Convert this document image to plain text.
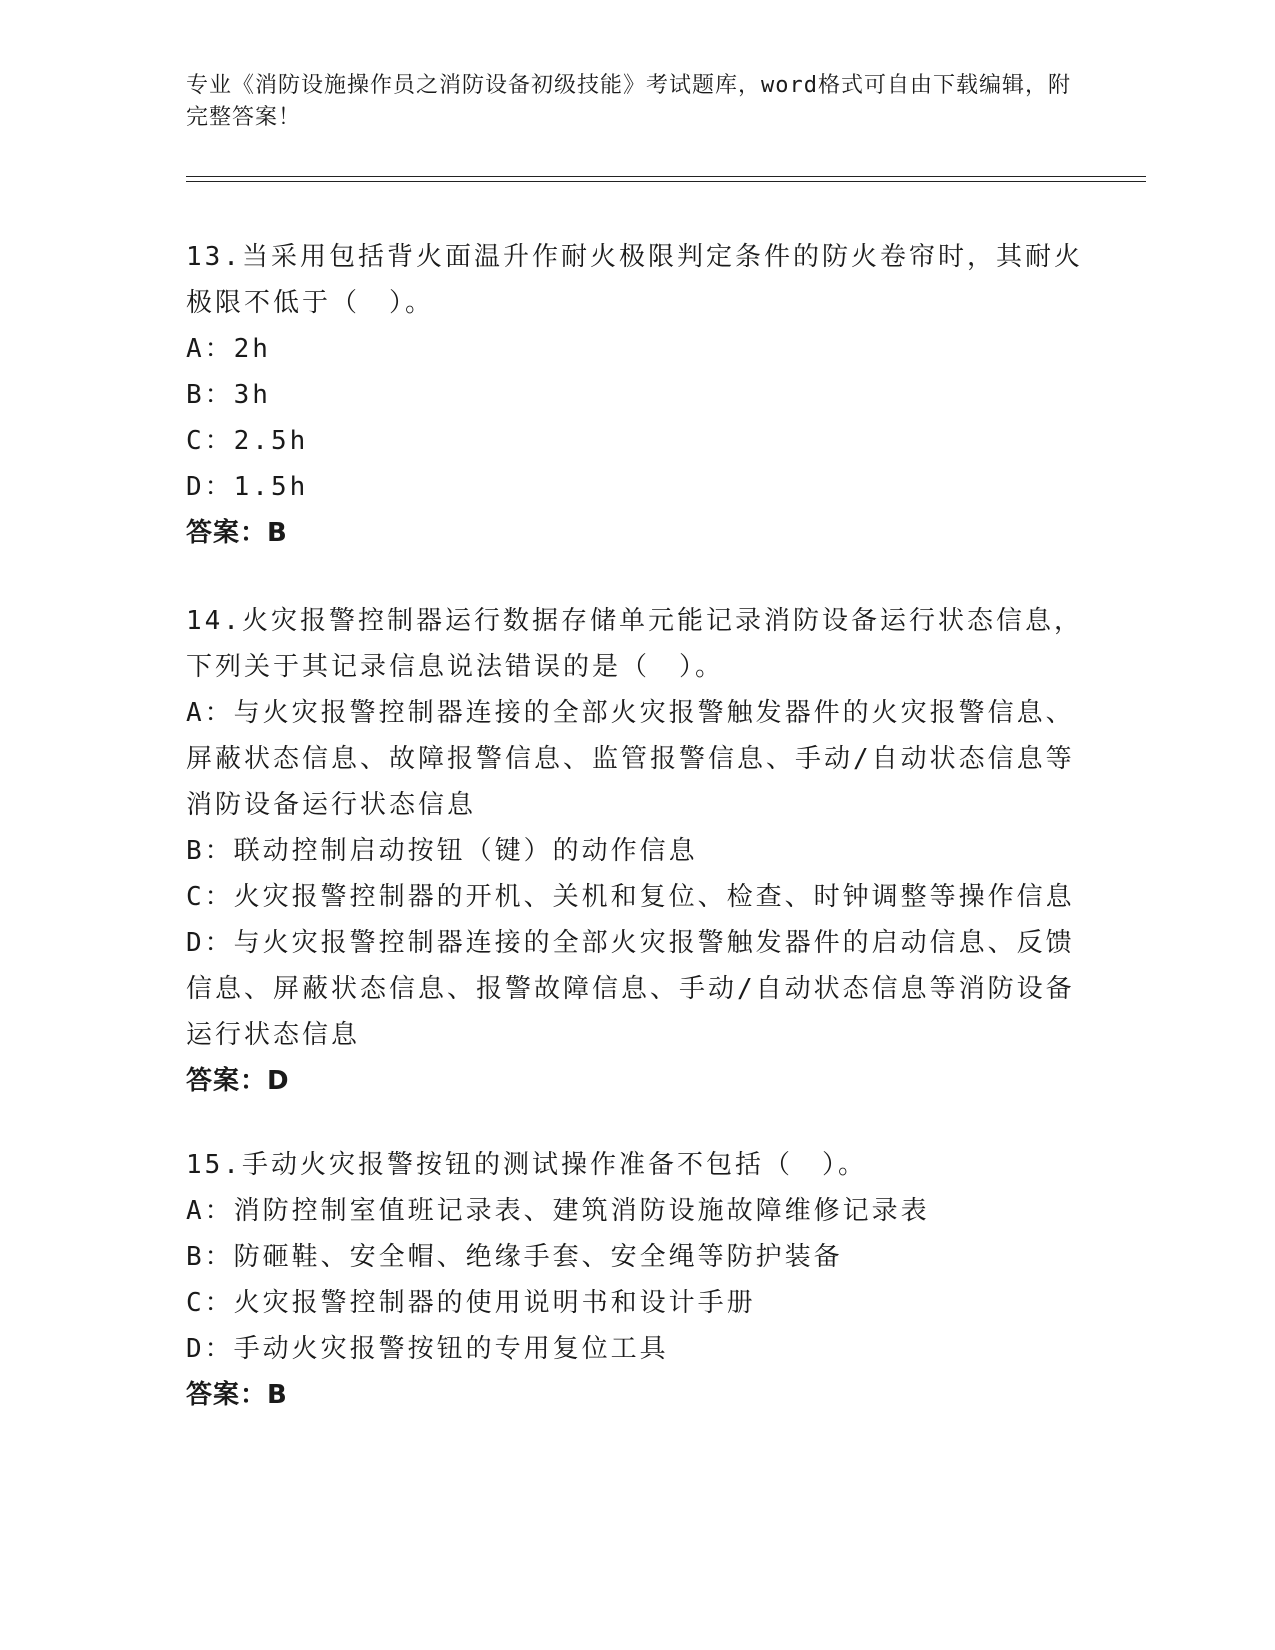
专业《消防设施操作员之消防设备初级技能》考试题库，word格式可自由下载编辑，附完整答案！
13.当采用包括背火面温升作耐火极限判定条件的防火卷帘时，其耐火极限不低于（　）。
A：2h
B：3h
C：2.5h
D：1.5h
答案：B
14.火灾报警控制器运行数据存储单元能记录消防设备运行状态信息，下列关于其记录信息说法错误的是（　）。
A：与火灾报警控制器连接的全部火灾报警触发器件的火灾报警信息、屏蔽状态信息、故障报警信息、监管报警信息、手动/自动状态信息等消防设备运行状态信息
B：联动控制启动按钮（键）的动作信息
C：火灾报警控制器的开机、关机和复位、检查、时钟调整等操作信息
D：与火灾报警控制器连接的全部火灾报警触发器件的启动信息、反馈信息、屏蔽状态信息、报警故障信息、手动/自动状态信息等消防设备运行状态信息
答案：D
15.手动火灾报警按钮的测试操作准备不包括（　）。
A：消防控制室值班记录表、建筑消防设施故障维修记录表
B：防砸鞋、安全帽、绝缘手套、安全绳等防护装备
C：火灾报警控制器的使用说明书和设计手册
D：手动火灾报警按钮的专用复位工具
答案：B
